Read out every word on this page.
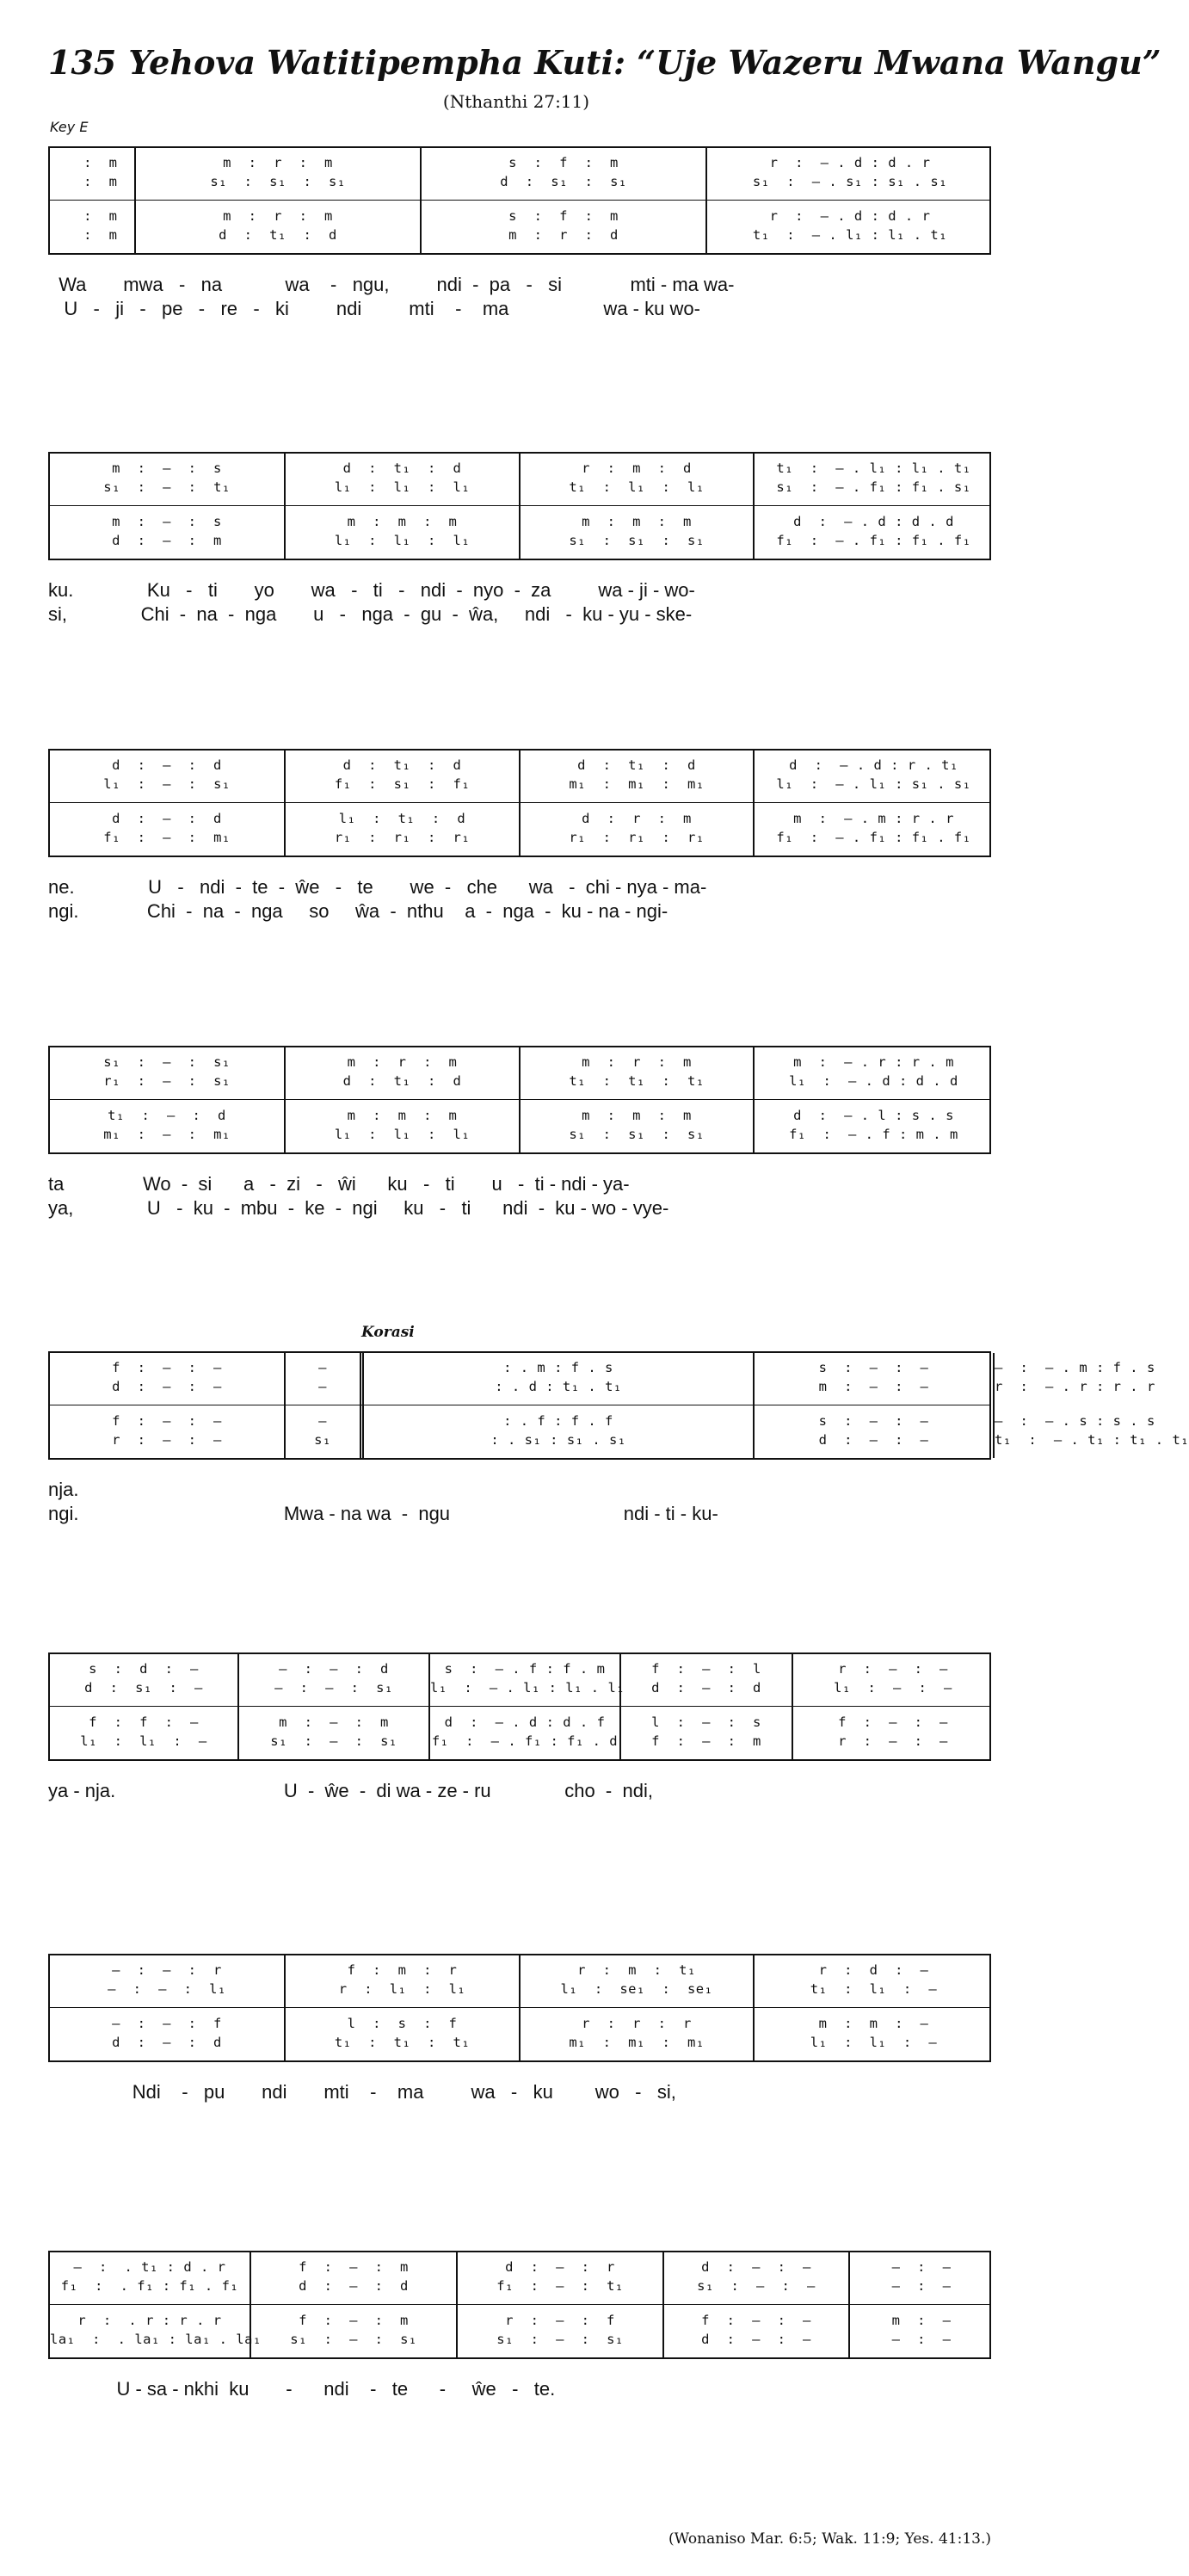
135 Yehova Watitipempha Kuti: “Uje Wazeru Mwana Wangu”
(Nthanthi 27:11)
Key E
:  m
:  m
:  m
:  m
m  :  r  :  m
s₁  :  s₁  :  s₁
m  :  r  :  m
d  :  t₁  :  d
s  :  f  :  m
d  :  s₁  :  s₁
s  :  f  :  m
m  :  r  :  d
r  :  – . d : d . r
s₁  :  – . s₁ : s₁ . s₁
r  :  – . d : d . r
t₁  :  – . l₁ : l₁ . t₁
Wa       mwa   -   na            wa    -   ngu,         ndi  -  pa   -   si             mti - ma wa-
U   -   ji   -   pe   -   re   -   ki         ndi         mti    -    ma                  wa - ku wo-
m  :  —  :  s
s₁  :  —  :  t₁
m  :  —  :  s
d  :  —  :  m
d  :  t₁  :  d
l₁  :  l₁  :  l₁
m  :  m  :  m
l₁  :  l₁  :  l₁
r  :  m  :  d
t₁  :  l₁  :  l₁
m  :  m  :  m
s₁  :  s₁  :  s₁
t₁  :  – . l₁ : l₁ . t₁
s₁  :  – . f₁ : f₁ . s₁
d  :  – . d : d . d
f₁  :  – . f₁ : f₁ . f₁
ku.              Ku   -   ti       yo       wa   -   ti   -   ndi  -  nyo  -  za         wa - ji - wo-
si,              Chi  -  na  -  nga       u   -   nga  -  gu  -  ŵa,     ndi   -  ku - yu - ske-
d  :  —  :  d
l₁  :  —  :  s₁
d  :  —  :  d
f₁  :  —  :  m₁
d  :  t₁  :  d
f₁  :  s₁  :  f₁
l₁  :  t₁  :  d
r₁  :  r₁  :  r₁
d  :  t₁  :  d
m₁  :  m₁  :  m₁
d  :  r  :  m
r₁  :  r₁  :  r₁
d  :  – . d : r . t₁
l₁  :  – . l₁ : s₁ . s₁
m  :  – . m : r . r
f₁  :  – . f₁ : f₁ . f₁
ne.              U   -   ndi  -  te  -  ŵe   -   te       we  -   che      wa   -  chi - nya - ma-
ngi.             Chi  -  na  -  nga     so     ŵa  -  nthu    a  -  nga  -  ku - na - ngi-
s₁  :  —  :  s₁
r₁  :  —  :  s₁
t₁  :  —  :  d
m₁  :  —  :  m₁
m  :  r  :  m
d  :  t₁  :  d
m  :  m  :  m
l₁  :  l₁  :  l₁
m  :  r  :  m
t₁  :  t₁  :  t₁
m  :  m  :  m
s₁  :  s₁  :  s₁
m  :  – . r : r . m
l₁  :  – . d : d . d
d  :  – . l : s . s
f₁  :  – . f : m . m
ta               Wo  -  si      a   -  zi   -   ŵi      ku   -   ti       u   -  ti - ndi - ya-
ya,              U   -  ku  -  mbu  -  ke  -  ngi     ku   -   ti      ndi  -  ku - wo - vye-
f  :  —  :  —
d  :  —  :  —
f  :  —  :  —
r  :  —  :  —
—
—
—
s₁
: . m : f . s
: . d : t₁ . t₁
: . f : f . f
: . s₁ : s₁ . s₁
s  :  —  :  —
m  :  —  :  —
s  :  —  :  —
d  :  —  :  —
—  :  – . m : f . s
r  :  – . r : r . r
—  :  – . s : s . s
t₁  :  – . t₁ : t₁ . t₁
nja.
ngi.                                       Mwa - na wa  -  ngu                                 ndi - ti - ku-
s  :  d  :  —
d  :  s₁  :  —
f  :  f  :  —
l₁  :  l₁  :  —
—  :  —  :  d
—  :  —  :  s₁
m  :  —  :  m
s₁  :  —  :  s₁
s  :  – . f : f . m
l₁  :  – . l₁ : l₁ . l₁
d  :  – . d : d . f
f₁  :  – . f₁ : f₁ . d
f  :  —  :  l
d  :  —  :  d
l  :  —  :  s
f  :  —  :  m
r  :  —  :  —
l₁  :  —  :  —
f  :  —  :  —
r  :  —  :  —
ya - nja.                                U  -  ŵe  -  di wa - ze - ru              cho  -  ndi,
—  :  —  :  r
—  :  —  :  l₁
—  :  —  :  f
d  :  —  :  d
f  :  m  :  r
r  :  l₁  :  l₁
l  :  s  :  f
t₁  :  t₁  :  t₁
r  :  m  :  t₁
l₁  :  se₁  :  se₁
r  :  r  :  r
m₁  :  m₁  :  m₁
r  :  d  :  —
t₁  :  l₁  :  —
m  :  m  :  —
l₁  :  l₁  :  —
Ndi    -   pu       ndi       mti    -    ma         wa   -   ku        wo   -   si,
—  :  . t₁ : d . r
f₁  :  . f₁ : f₁ . f₁
r  :  . r : r . r
la₁  :  . la₁ : la₁ . la₁
f  :  —  :  m
d  :  —  :  d
f  :  —  :  m
s₁  :  —  :  s₁
d  :  —  :  r
f₁  :  —  :  t₁
r  :  —  :  f
s₁  :  —  :  s₁
d  :  —  :  —
s₁  :  —  :  —
f  :  —  :  —
d  :  —  :  —
—  :  —
—  :  —
m  :  —
—  :  —
U - sa - nkhi  ku       -      ndi    -   te      -     ŵe   -   te.
Korasi
(Wonaniso Mar. 6:5; Wak. 11:9; Yes. 41:13.)
